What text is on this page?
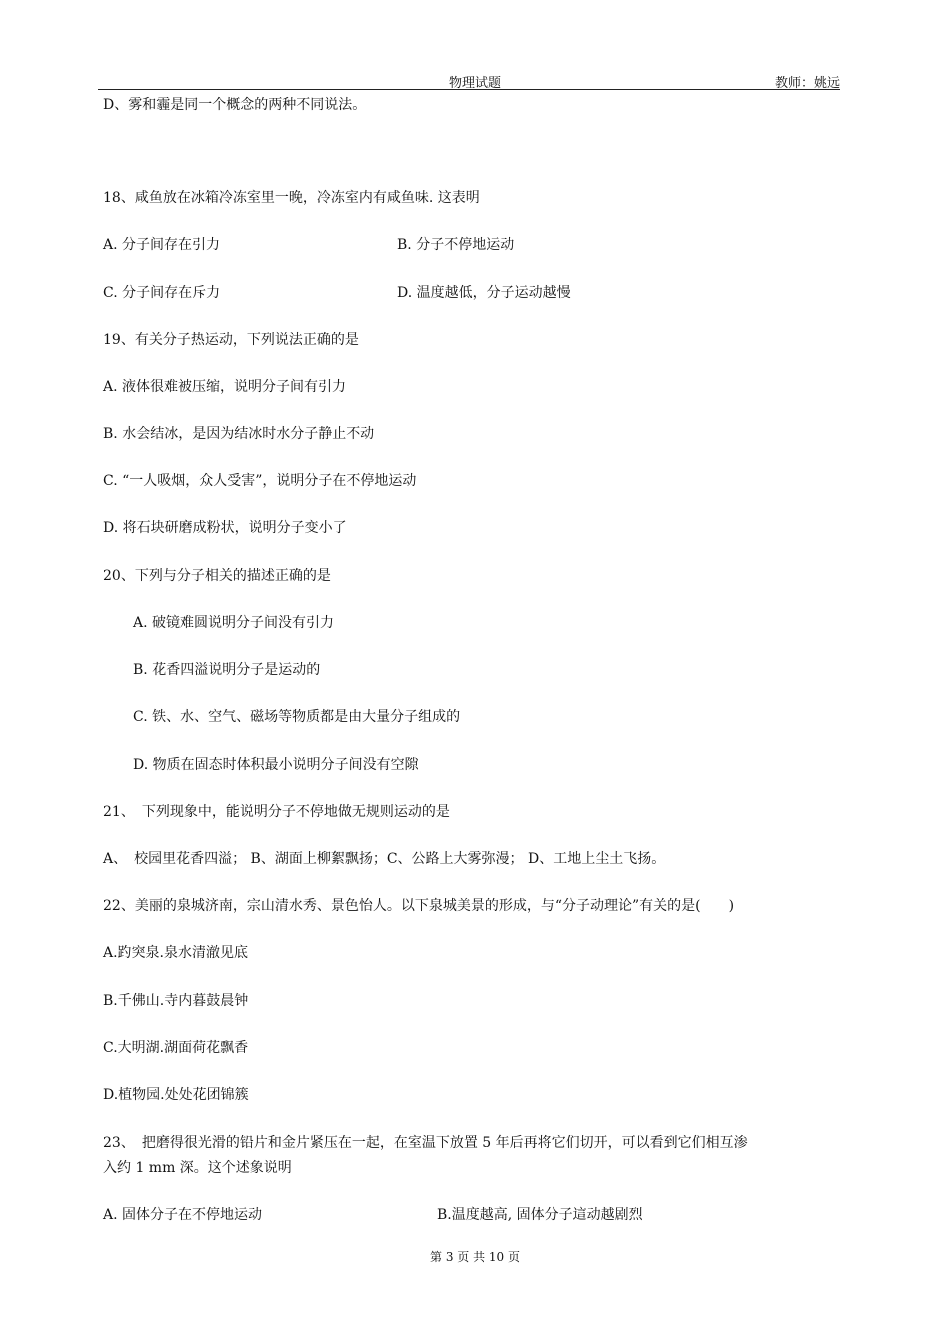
物理试题	教师：姚远
D、雾和霾是同一个概念的两种不同说法。
18、咸鱼放在冰箱冷冻室里一晚，冷冻室内有咸鱼味. 这表明
A. 分子间存在引力	B. 分子不停地运动
C. 分子间存在斥力	D. 温度越低，分子运动越慢
19、有关分子热运动，下列说法正确的是
A. 液体很难被压缩，说明分子间有引力
B. 水会结冰，是因为结冰时水分子静止不动
C. “一人吸烟，众人受害”，说明分子在不停地运动
D. 将石块研磨成粉状，说明分子变小了
20、下列与分子相关的描述正确的是
A. 破镜难圆说明分子间没有引力
B. 花香四溢说明分子是运动的
C. 铁、水、空气、磁场等物质都是由大量分子组成的
D. 物质在固态时体积最小说明分子间没有空隙
21、　下列现象中，能说明分子不停地做无规则运动的是
A、　校园里花香四溢； B、湖面上柳絮飘扬；C、公路上大雾弥漫； D、工地上尘土飞扬。
22、美丽的泉城济南，宗山清水秀、景色怡人。以下泉城美景的形成，与“分子动理论”有关的是(　　)
A.趵突泉.泉水清澈见底
B.千佛山.寺内暮鼓晨钟
C.大明湖.湖面荷花飘香
D.植物园.处处花团锦簇
23、　把磨得很光滑的铅片和金片紧压在一起，在室温下放置 5 年后再将它们切开，可以看到它们相互渗
入约 1 mm 深。这个述象说明
A. 固体分子在不停地运动	B.温度越高, 固体分子這动越剧烈
第 3 页 共 10 页
